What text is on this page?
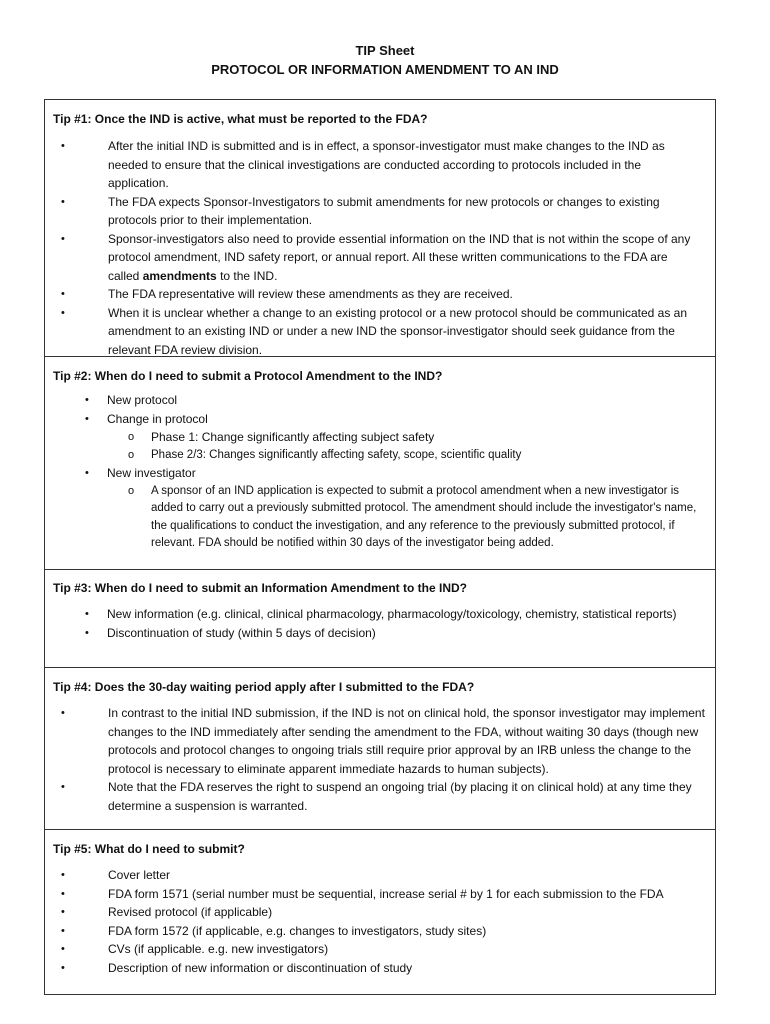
TIP Sheet
PROTOCOL OR INFORMATION AMENDMENT TO AN IND
Tip #1: Once the IND is active, what must be reported to the FDA?
• After the initial IND is submitted and is in effect, a sponsor-investigator must make changes to the IND as needed to ensure that the clinical investigations are conducted according to protocols included in the application.
• The FDA expects Sponsor-Investigators to submit amendments for new protocols or changes to existing protocols prior to their implementation.
• Sponsor-investigators also need to provide essential information on the IND that is not within the scope of any protocol amendment, IND safety report, or annual report. All these written communications to the FDA are called amendments to the IND.
• The FDA representative will review these amendments as they are received.
• When it is unclear whether a change to an existing protocol or a new protocol should be communicated as an amendment to an existing IND or under a new IND the sponsor-investigator should seek guidance from the relevant FDA review division.
Tip #2: When do I need to submit a Protocol Amendment to the IND?
• New protocol
• Change in protocol
o Phase 1: Change significantly affecting subject safety
o Phase 2/3: Changes significantly affecting safety, scope, scientific quality
• New investigator
o A sponsor of an IND application is expected to submit a protocol amendment when a new investigator is added to carry out a previously submitted protocol. The amendment should include the investigator's name, the qualifications to conduct the investigation, and any reference to the previously submitted protocol, if relevant. FDA should be notified within 30 days of the investigator being added.
Tip #3: When do I need to submit an Information Amendment to the IND?
• New information (e.g. clinical, clinical pharmacology, pharmacology/toxicology, chemistry, statistical reports)
• Discontinuation of study (within 5 days of decision)
Tip #4: Does the 30-day waiting period apply after I submitted to the FDA?
• In contrast to the initial IND submission, if the IND is not on clinical hold, the sponsor investigator may implement changes to the IND immediately after sending the amendment to the FDA, without waiting 30 days (though new protocols and protocol changes to ongoing trials still require prior approval by an IRB unless the change to the protocol is necessary to eliminate apparent immediate hazards to human subjects).
• Note that the FDA reserves the right to suspend an ongoing trial (by placing it on clinical hold) at any time they determine a suspension is warranted.
Tip #5: What do I need to submit?
• Cover letter
• FDA form 1571 (serial number must be sequential, increase serial # by 1 for each submission to the FDA
• Revised protocol (if applicable)
• FDA form 1572 (if applicable, e.g. changes to investigators, study sites)
• CVs (if applicable. e.g. new investigators)
• Description of new information or discontinuation of study
